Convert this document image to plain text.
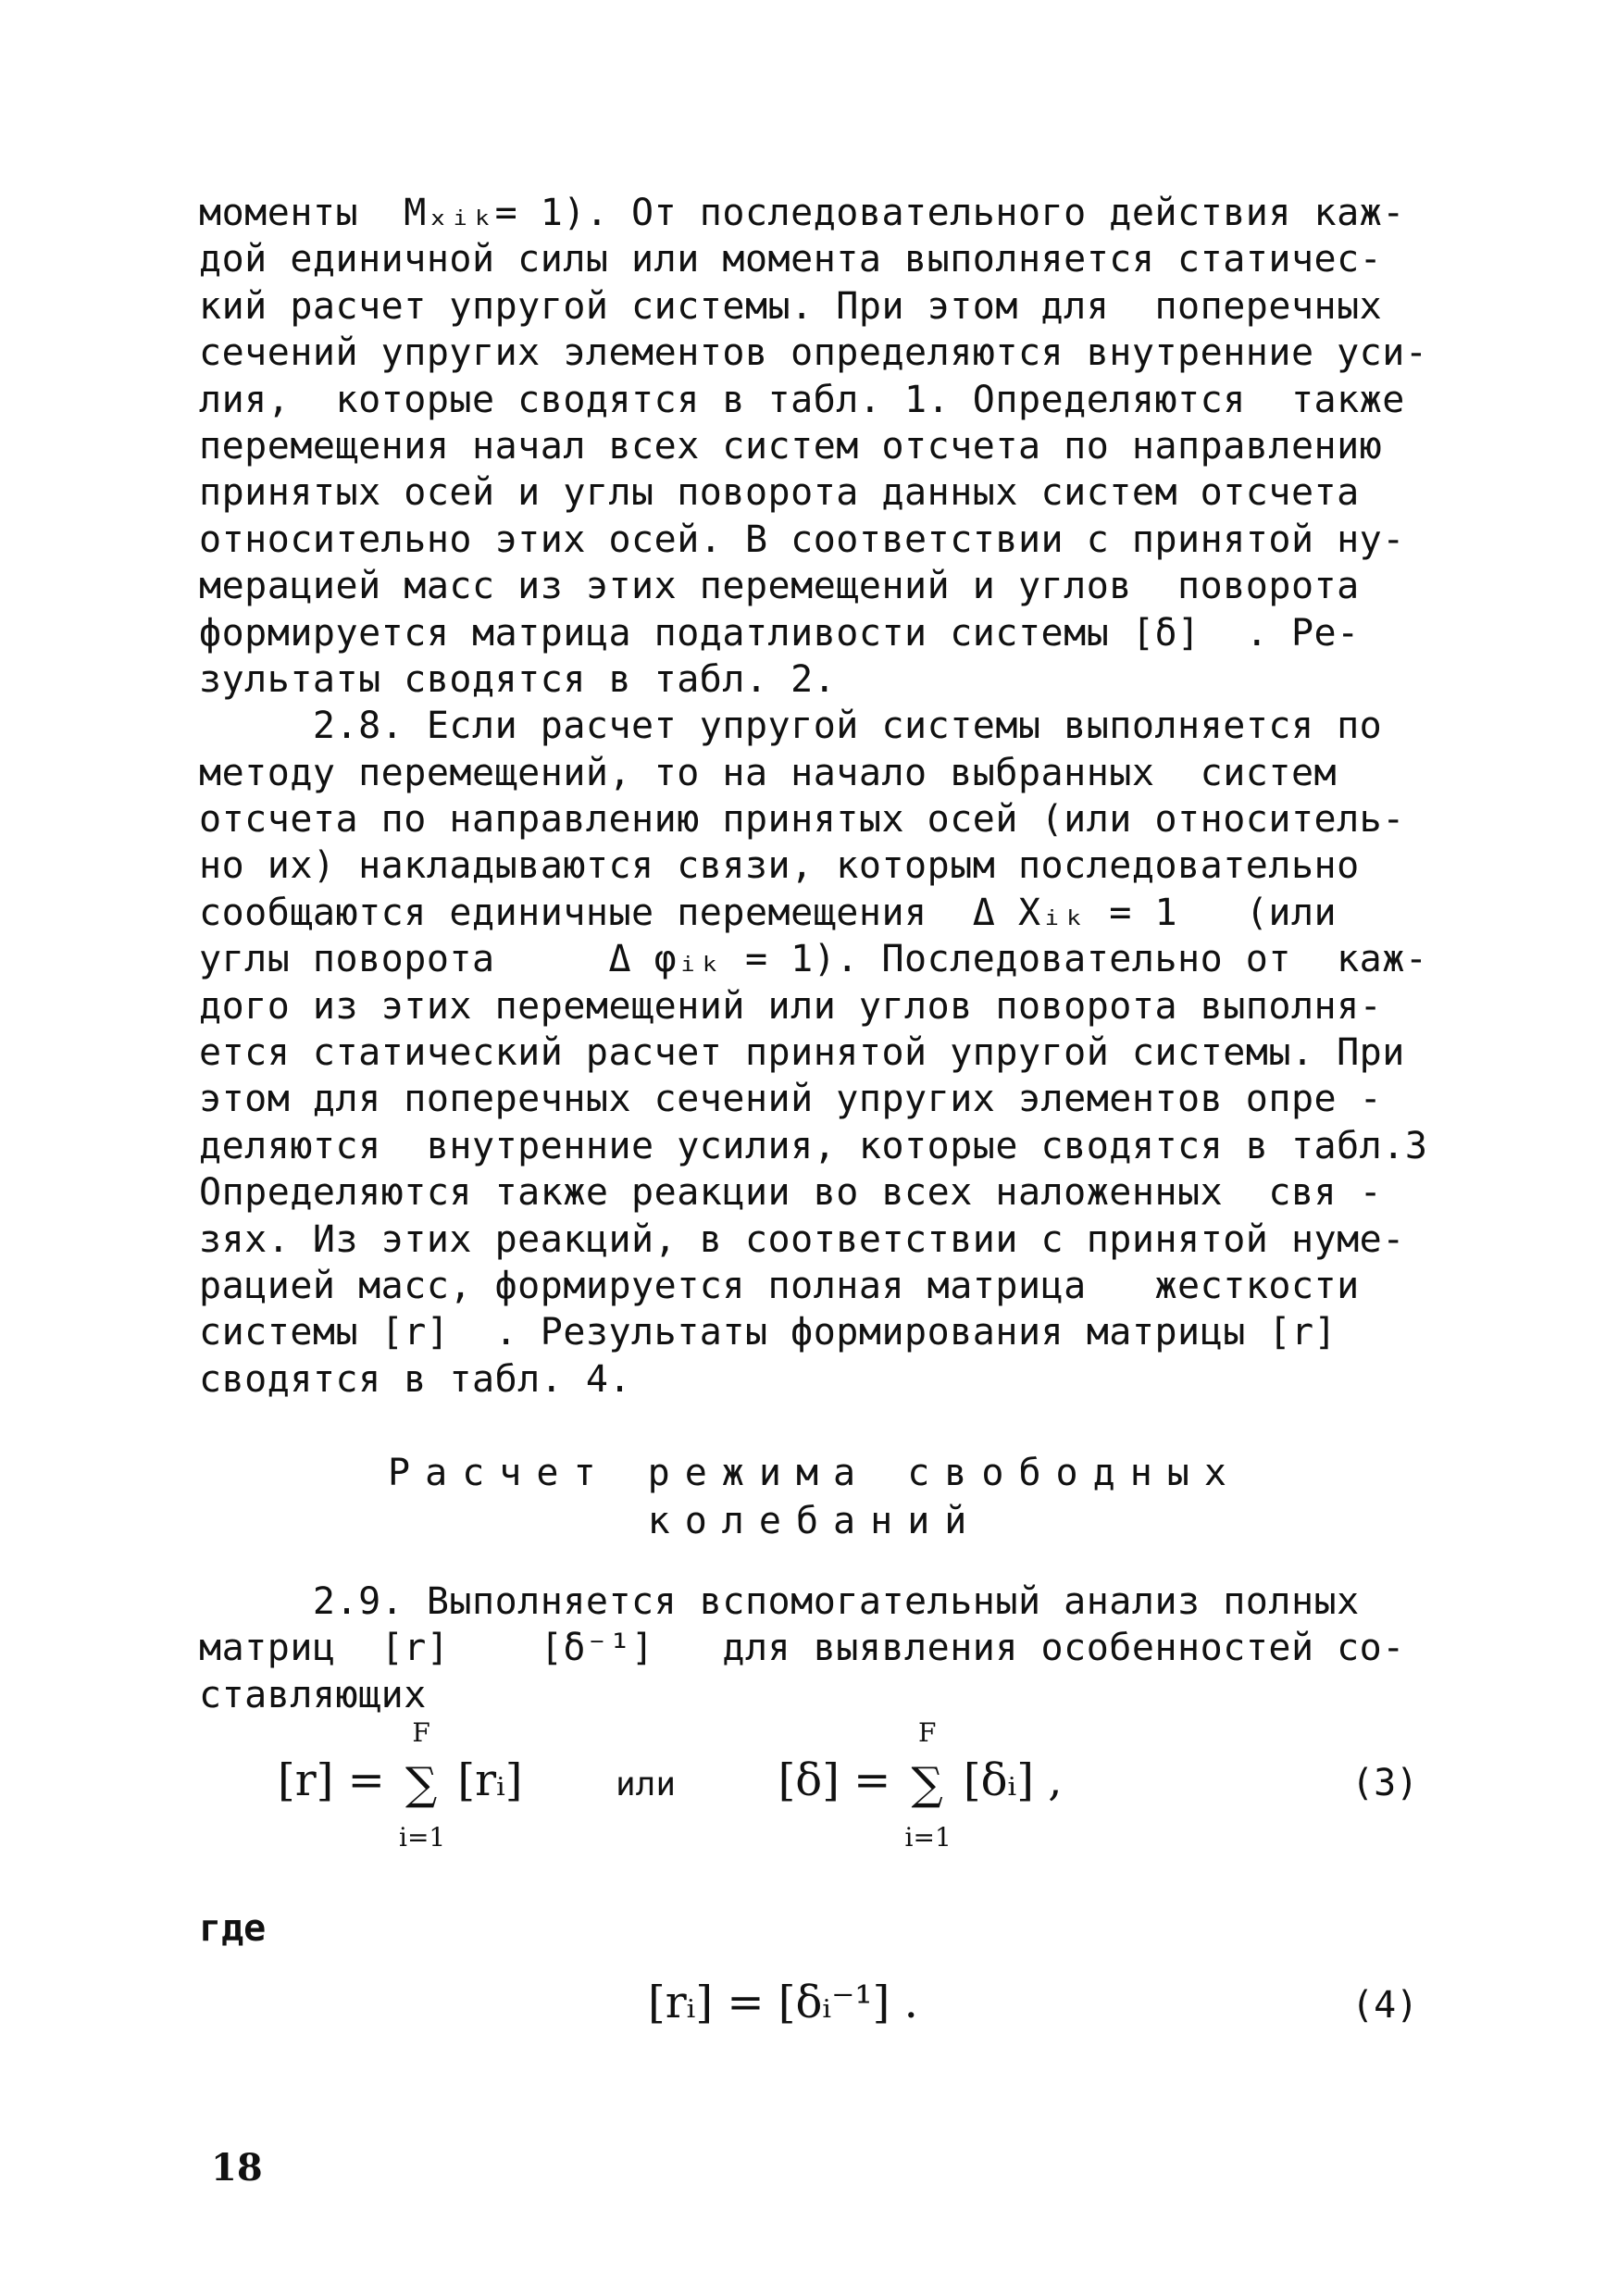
моменты  Mₓᵢₖ= 1). От последовательного действия каж-
дой единичной силы или момента выполняется статичес-
кий расчет упругой системы. При этом для  поперечных
сечений упругих элементов определяются внутренние уси-
лия,  которые сводятся в табл. 1. Определяются  также
перемещения начал всех систем отсчета по направлению
принятых осей и углы поворота данных систем отсчета
относительно этих осей. В соответствии с принятой ну-
мерацией масс из этих перемещений и углов  поворота
формируется матрица податливости системы [δ]  . Ре-
зультаты сводятся в табл. 2.
2.8. Если расчет упругой системы выполняется по
методу перемещений, то на начало выбранных  систем
отсчета по направлению принятых осей (или относитель-
но их) накладываются связи, которым последовательно
сообщаются единичные перемещения  Δ Xᵢₖ = 1   (или
углы поворота     Δ φᵢₖ = 1). Последовательно от  каж-
дого из этих перемещений или углов поворота выполня-
ется статический расчет принятой упругой системы. При
этом для поперечных сечений упругих элементов опре -
деляются  внутренние усилия, которые сводятся в табл.3
Определяются также реакции во всех наложенных  свя -
зях. Из этих реакций, в соответствии с принятой нуме-
рацией масс, формируется полная матрица   жесткости
системы [r]  . Результаты формирования матрицы [r]
сводятся в табл. 4.
Расчет режима свободных
колебаний
2.9. Выполняется вспомогательный анализ полных
матриц  [r]    [δ⁻¹]   для выявления особенностей со-
ставляющих
[r] = ∑
F
i=1
[rᵢ]	или [δ] = ∑
F
i=1
[δᵢ] ,	(3)
где
[rᵢ] = [δᵢ⁻¹] .	(4)
18
